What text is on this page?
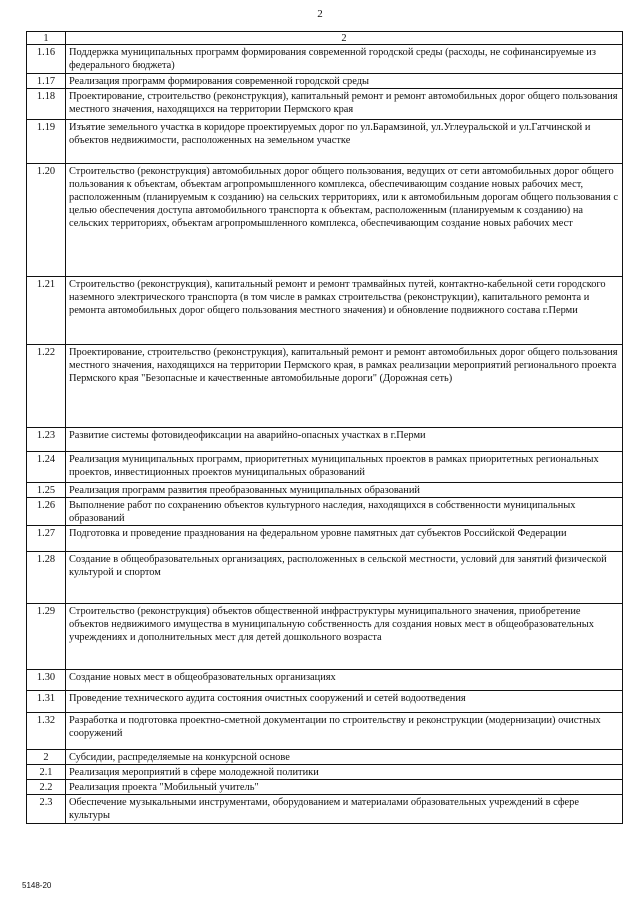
2
1	2
1.16	Поддержка муниципальных программ формирования современной городской среды (расходы, не софинансируемые из федерального бюджета)
1.17	Реализация программ формирования современной городской среды
1.18	Проектирование, строительство (реконструкция), капитальный ремонт и ремонт автомобильных дорог общего пользования местного значения, находящихся на территории Пермского края
1.19	Изъятие земельного участка в коридоре проектируемых дорог по ул.Барамзиной, ул.Углеуральской и ул.Гатчинской и объектов недвижимости, расположенных на земельном участке
1.20	Строительство (реконструкция) автомобильных дорог общего пользования, ведущих от сети автомобильных дорог общего пользования к объектам, объектам агропромышленного комплекса, обеспечивающим создание новых рабочих мест, расположенным (планируемым к созданию) на сельских территориях, или к автомобильным дорогам общего пользования с целью обеспечения доступа автомобильного транспорта к объектам, расположенным (планируемым к созданию) на сельских территориях, объектам агропромышленного комплекса, обеспечивающим создание новых рабочих мест
1.21	Строительство (реконструкция), капитальный ремонт и ремонт трамвайных путей, контактно-кабельной сети городского наземного электрического транспорта (в том числе в рамках строительства (реконструкции), капитального ремонта и ремонта автомобильных дорог общего пользования местного значения) и обновление подвижного состава г.Перми
1.22	Проектирование, строительство (реконструкция), капитальный ремонт и ремонт автомобильных дорог общего пользования местного значения, находящихся на территории Пермского края, в рамках реализации мероприятий регионального проекта Пермского края "Безопасные и качественные автомобильные дороги" (Дорожная сеть)
1.23	Развитие системы фотовидеофиксации на аварийно-опасных участках в г.Перми
1.24	Реализация муниципальных программ, приоритетных муниципальных проектов в рамках приоритетных региональных проектов, инвестиционных проектов муниципальных образований
1.25	Реализация программ развития преобразованных муниципальных образований
1.26	Выполнение работ по сохранению объектов культурного наследия, находящихся в собственности муниципальных образований
1.27	Подготовка и проведение празднования на федеральном уровне памятных дат субъектов Российской Федерации
1.28	Создание в общеобразовательных организациях, расположенных в сельской местности, условий для занятий физической культурой и спортом
1.29	Строительство (реконструкция) объектов общественной инфраструктуры муниципального значения, приобретение объектов недвижимого имущества в муниципальную собственность для создания новых мест в общеобразовательных учреждениях и дополнительных мест для детей дошкольного возраста
1.30	Создание новых мест в общеобразовательных организациях
1.31	Проведение технического аудита состояния очистных сооружений и сетей водоотведения
1.32	Разработка и подготовка проектно-сметной документации по строительству и реконструкции (модернизации) очистных сооружений
2	Субсидии, распределяемые на конкурсной основе
2.1	Реализация мероприятий в сфере молодежной политики
2.2	Реализация проекта "Мобильный учитель"
2.3	Обеспечение музыкальными инструментами, оборудованием и материалами образовательных учреждений в сфере культуры
5148-20
